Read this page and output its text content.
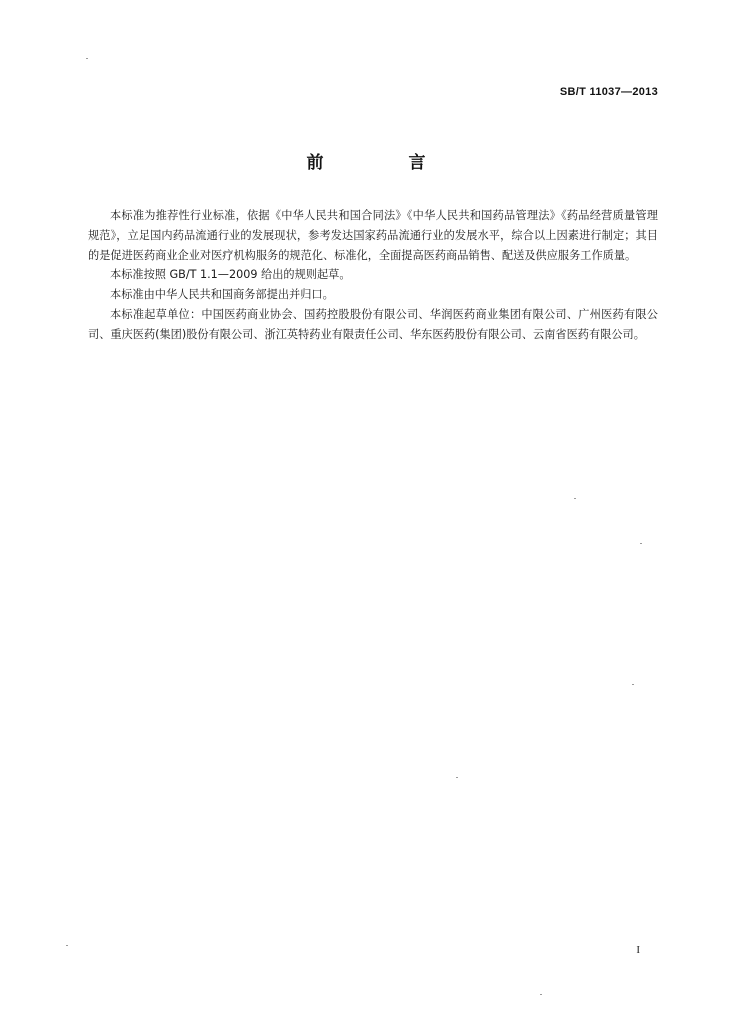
SB/T 11037—2013
前　言

本标准为推荐性行业标准，依据《中华人民共和国合同法》《中华人民共和国药品管理法》《药品经营质量管理规范》，立足国内药品流通行业的发展现状，参考发达国家药品流通行业的发展水平，综合以上因素进行制定；其目的是促进医药商业企业对医疗机构服务的规范化、标准化，全面提高医药商品销售、配送及供应服务工作质量。

本标准按照 GB/T 1.1—2009 给出的规则起草。

本标准由中华人民共和国商务部提出并归口。

本标准起草单位：中国医药商业协会、国药控股股份有限公司、华润医药商业集团有限公司、广州医药有限公司、重庆医药(集团)股份有限公司、浙江英特药业有限责任公司、华东医药股份有限公司、云南省医药有限公司。

I
